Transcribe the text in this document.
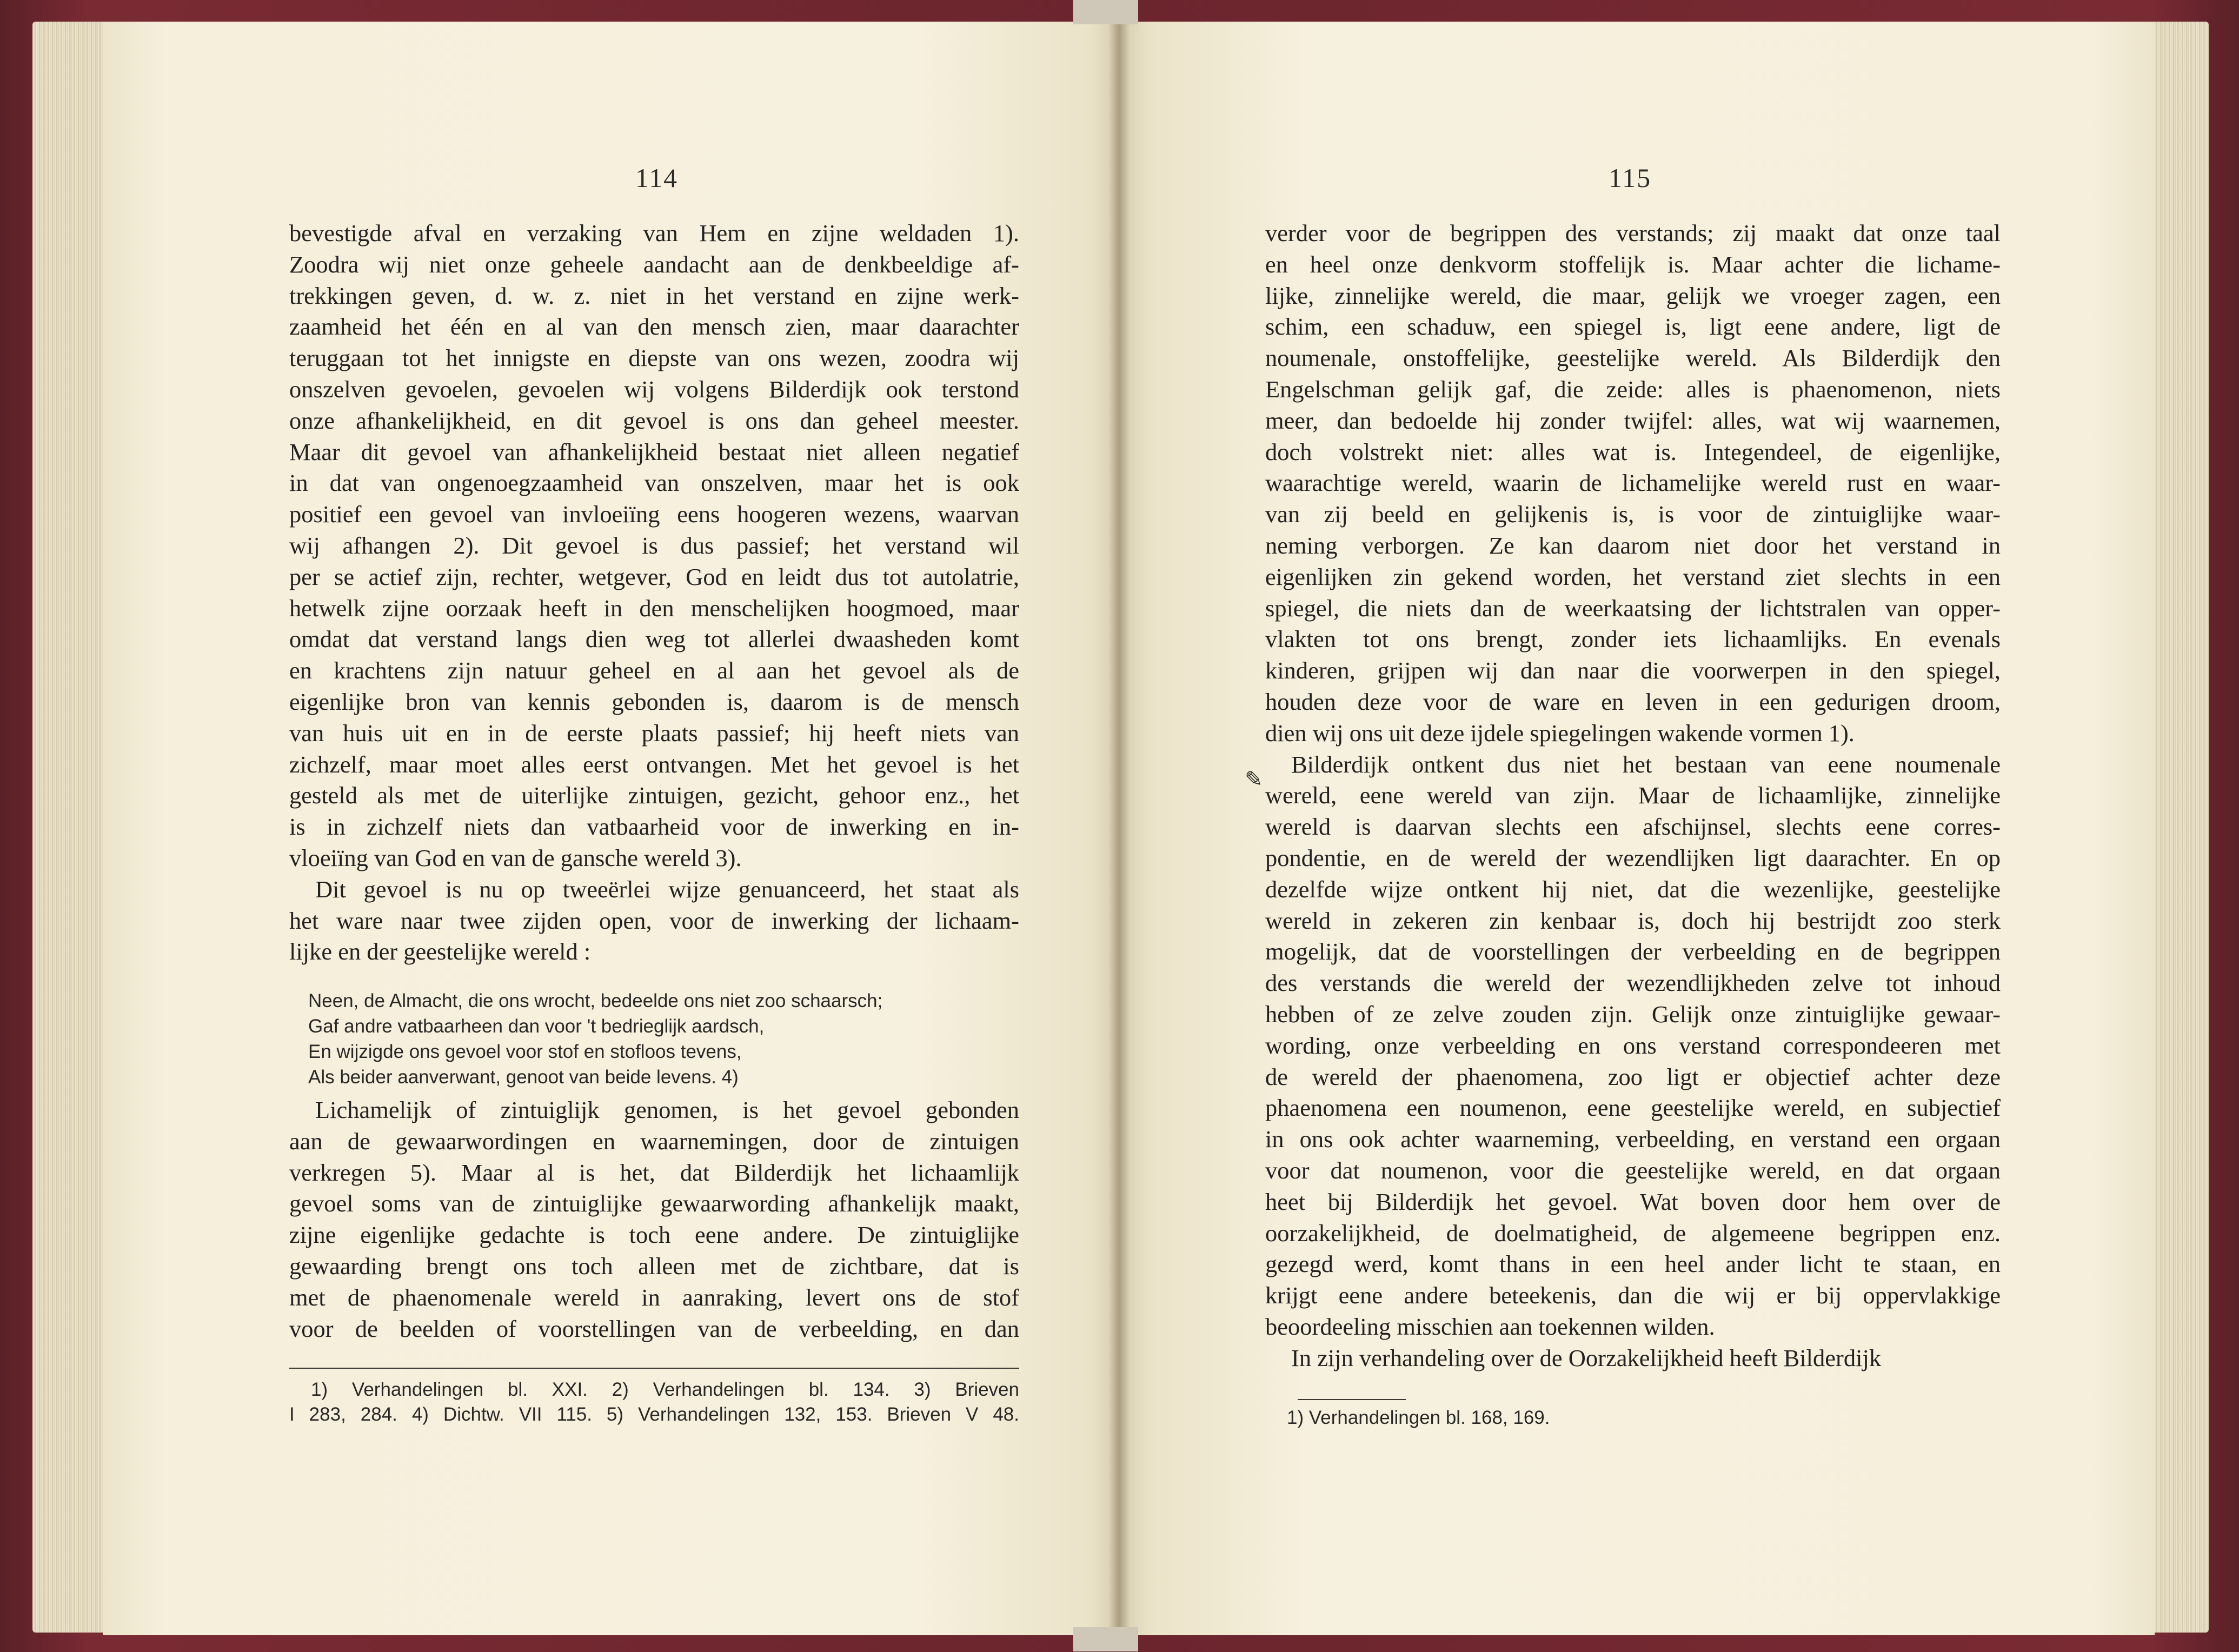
114
bevestigde afval en verzaking van Hem en zijne weldaden 1).
Zoodra wij niet onze geheele aandacht aan de denkbeeldige af-
trekkingen geven, d. w. z. niet in het verstand en zijne werk-
zaamheid het één en al van den mensch zien, maar daarachter
teruggaan tot het innigste en diepste van ons wezen, zoodra wij
onszelven gevoelen, gevoelen wij volgens Bilderdijk ook terstond
onze afhankelijkheid, en dit gevoel is ons dan geheel meester.
Maar dit gevoel van afhankelijkheid bestaat niet alleen negatief
in dat van ongenoegzaamheid van onszelven, maar het is ook
positief een gevoel van invloeiïng eens hoogeren wezens, waarvan
wij afhangen 2). Dit gevoel is dus passief; het verstand wil
per se actief zijn, rechter, wetgever, God en leidt dus tot autolatrie,
hetwelk zijne oorzaak heeft in den menschelijken hoogmoed, maar
omdat dat verstand langs dien weg tot allerlei dwaasheden komt
en krachtens zijn natuur geheel en al aan het gevoel als de
eigenlijke bron van kennis gebonden is, daarom is de mensch
van huis uit en in de eerste plaats passief; hij heeft niets van
zichzelf, maar moet alles eerst ontvangen. Met het gevoel is het
gesteld als met de uiterlijke zintuigen, gezicht, gehoor enz., het
is in zichzelf niets dan vatbaarheid voor de inwerking en in-
vloeiïng van God en van de gansche wereld 3).
Dit gevoel is nu op tweeërlei wijze genuanceerd, het staat als
het ware naar twee zijden open, voor de inwerking der lichaam-
lijke en der geestelijke wereld :
Neen, de Almacht, die ons wrocht, bedeelde ons niet zoo schaarsch;
Gaf andre vatbaarheen dan voor 't bedrieglijk aardsch,
En wijzigde ons gevoel voor stof en stofloos tevens,
Als beider aanverwant, genoot van beide levens. 4)
Lichamelijk of zintuiglijk genomen, is het gevoel gebonden
aan de gewaarwordingen en waarnemingen, door de zintuigen
verkregen 5). Maar al is het, dat Bilderdijk het lichaamlijk
gevoel soms van de zintuiglijke gewaarwording afhankelijk maakt,
zijne eigenlijke gedachte is toch eene andere. De zintuiglijke
gewaarding brengt ons toch alleen met de zichtbare, dat is
met de phaenomenale wereld in aanraking, levert ons de stof
voor de beelden of voorstellingen van de verbeelding, en dan
1) Verhandelingen bl. XXI. 2) Verhandelingen bl. 134. 3) Brieven
I 283, 284. 4) Dichtw. VII 115. 5) Verhandelingen 132, 153. Brieven V 48.
115
verder voor de begrippen des verstands; zij maakt dat onze taal
en heel onze denkvorm stoffelijk is. Maar achter die lichame-
lijke, zinnelijke wereld, die maar, gelijk we vroeger zagen, een
schim, een schaduw, een spiegel is, ligt eene andere, ligt de
noumenale, onstoffelijke, geestelijke wereld. Als Bilderdijk den
Engelschman gelijk gaf, die zeide: alles is phaenomenon, niets
meer, dan bedoelde hij zonder twijfel: alles, wat wij waarnemen,
doch volstrekt niet: alles wat is. Integendeel, de eigenlijke,
waarachtige wereld, waarin de lichamelijke wereld rust en waar-
van zij beeld en gelijkenis is, is voor de zintuiglijke waar-
neming verborgen. Ze kan daarom niet door het verstand in
eigenlijken zin gekend worden, het verstand ziet slechts in een
spiegel, die niets dan de weerkaatsing der lichtstralen van opper-
vlakten tot ons brengt, zonder iets lichaamlijks. En evenals
kinderen, grijpen wij dan naar die voorwerpen in den spiegel,
houden deze voor de ware en leven in een gedurigen droom,
dien wij ons uit deze ijdele spiegelingen wakende vormen 1).
Bilderdijk ontkent dus niet het bestaan van eene noumenale
wereld, eene wereld van zijn. Maar de lichaamlijke, zinnelijke
wereld is daarvan slechts een afschijnsel, slechts eene corres-
pondentie, en de wereld der wezendlijken ligt daarachter. En op
dezelfde wijze ontkent hij niet, dat die wezenlijke, geestelijke
wereld in zekeren zin kenbaar is, doch hij bestrijdt zoo sterk
mogelijk, dat de voorstellingen der verbeelding en de begrippen
des verstands die wereld der wezendlijkheden zelve tot inhoud
hebben of ze zelve zouden zijn. Gelijk onze zintuiglijke gewaar-
wording, onze verbeelding en ons verstand correspondeeren met
de wereld der phaenomena, zoo ligt er objectief achter deze
phaenomena een noumenon, eene geestelijke wereld, en subjectief
in ons ook achter waarneming, verbeelding, en verstand een orgaan
voor dat noumenon, voor die geestelijke wereld, en dat orgaan
heet bij Bilderdijk het gevoel. Wat boven door hem over de
oorzakelijkheid, de doelmatigheid, de algemeene begrippen enz.
gezegd werd, komt thans in een heel ander licht te staan, en
krijgt eene andere beteekenis, dan die wij er bij oppervlakkige
beoordeeling misschien aan toekennen wilden.
In zijn verhandeling over de Oorzakelijkheid heeft Bilderdijk
1) Verhandelingen bl. 168, 169.
✎
